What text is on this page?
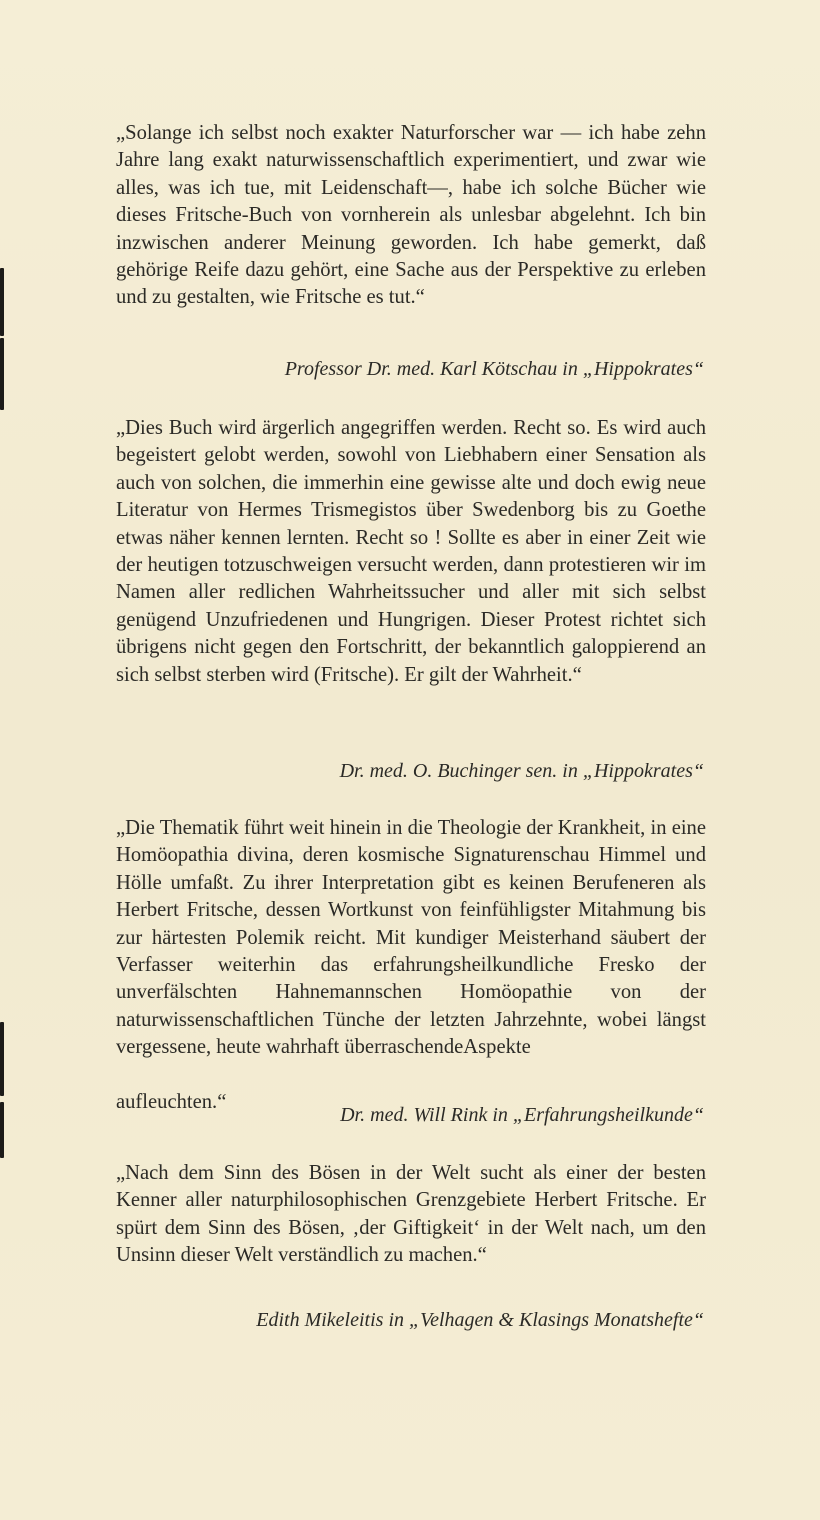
„Solange ich selbst noch exakter Naturforscher war — ich habe zehn Jahre lang exakt naturwissenschaftlich experimentiert, und zwar wie alles, was ich tue, mit Leidenschaft—, habe ich solche Bücher wie dieses Fritsche-Buch von vornherein als unlesbar abgelehnt. Ich bin inzwischen anderer Meinung geworden. Ich habe gemerkt, daß gehörige Reife dazu gehört, eine Sache aus der Perspektive zu erleben und zu gestalten, wie Fritsche es tut.“

Professor Dr. med. Karl Kötschau in „Hippokrates“

„Dies Buch wird ärgerlich angegriffen werden. Recht so. Es wird auch begeistert gelobt werden, sowohl von Liebhabern einer Sensation als auch von solchen, die immerhin eine gewisse alte und doch ewig neue Literatur von Hermes Trismegistos über Swedenborg bis zu Goethe etwas näher kennen lernten. Recht so ! Sollte es aber in einer Zeit wie der heutigen totzuschweigen versucht werden, dann protestieren wir im Namen aller redlichen Wahrheitssucher und aller mit sich selbst genügend Unzufriedenen und Hungrigen. Dieser Protest richtet sich übrigens nicht gegen den Fortschritt, der bekanntlich galoppierend an sich selbst sterben wird (Fritsche). Er gilt der Wahrheit.“

Dr. med. O. Buchinger sen. in „Hippokrates“

„Die Thematik führt weit hinein in die Theologie der Krankheit, in eine Homöopathia divina, deren kosmische Signaturenschau Himmel und Hölle umfaßt. Zu ihrer Interpretation gibt es keinen Berufeneren als Herbert Fritsche, dessen Wortkunst von feinfühligster Mitahmung bis zur härtesten Polemik reicht. Mit kundiger Meisterhand säubert der Verfasser weiterhin das erfahrungsheilkundliche Fresko der unverfälschten Hahnemannschen Homöopathie von der naturwissenschaftlichen Tünche der letzten Jahrzehnte, wobei längst vergessene, heute wahrhaft überraschendeAspekte

aufleuchten.“
Dr. med. Will Rink in „Erfahrungsheilkunde“

„Nach dem Sinn des Bösen in der Welt sucht als einer der besten Kenner aller naturphilosophischen Grenzgebiete Herbert Fritsche. Er spürt dem Sinn des Bösen, ‚der Giftigkeit‘ in der Welt nach, um den Unsinn dieser Welt verständlich zu machen.“

Edith Mikeleitis in „Velhagen & Klasings Monatshefte“
